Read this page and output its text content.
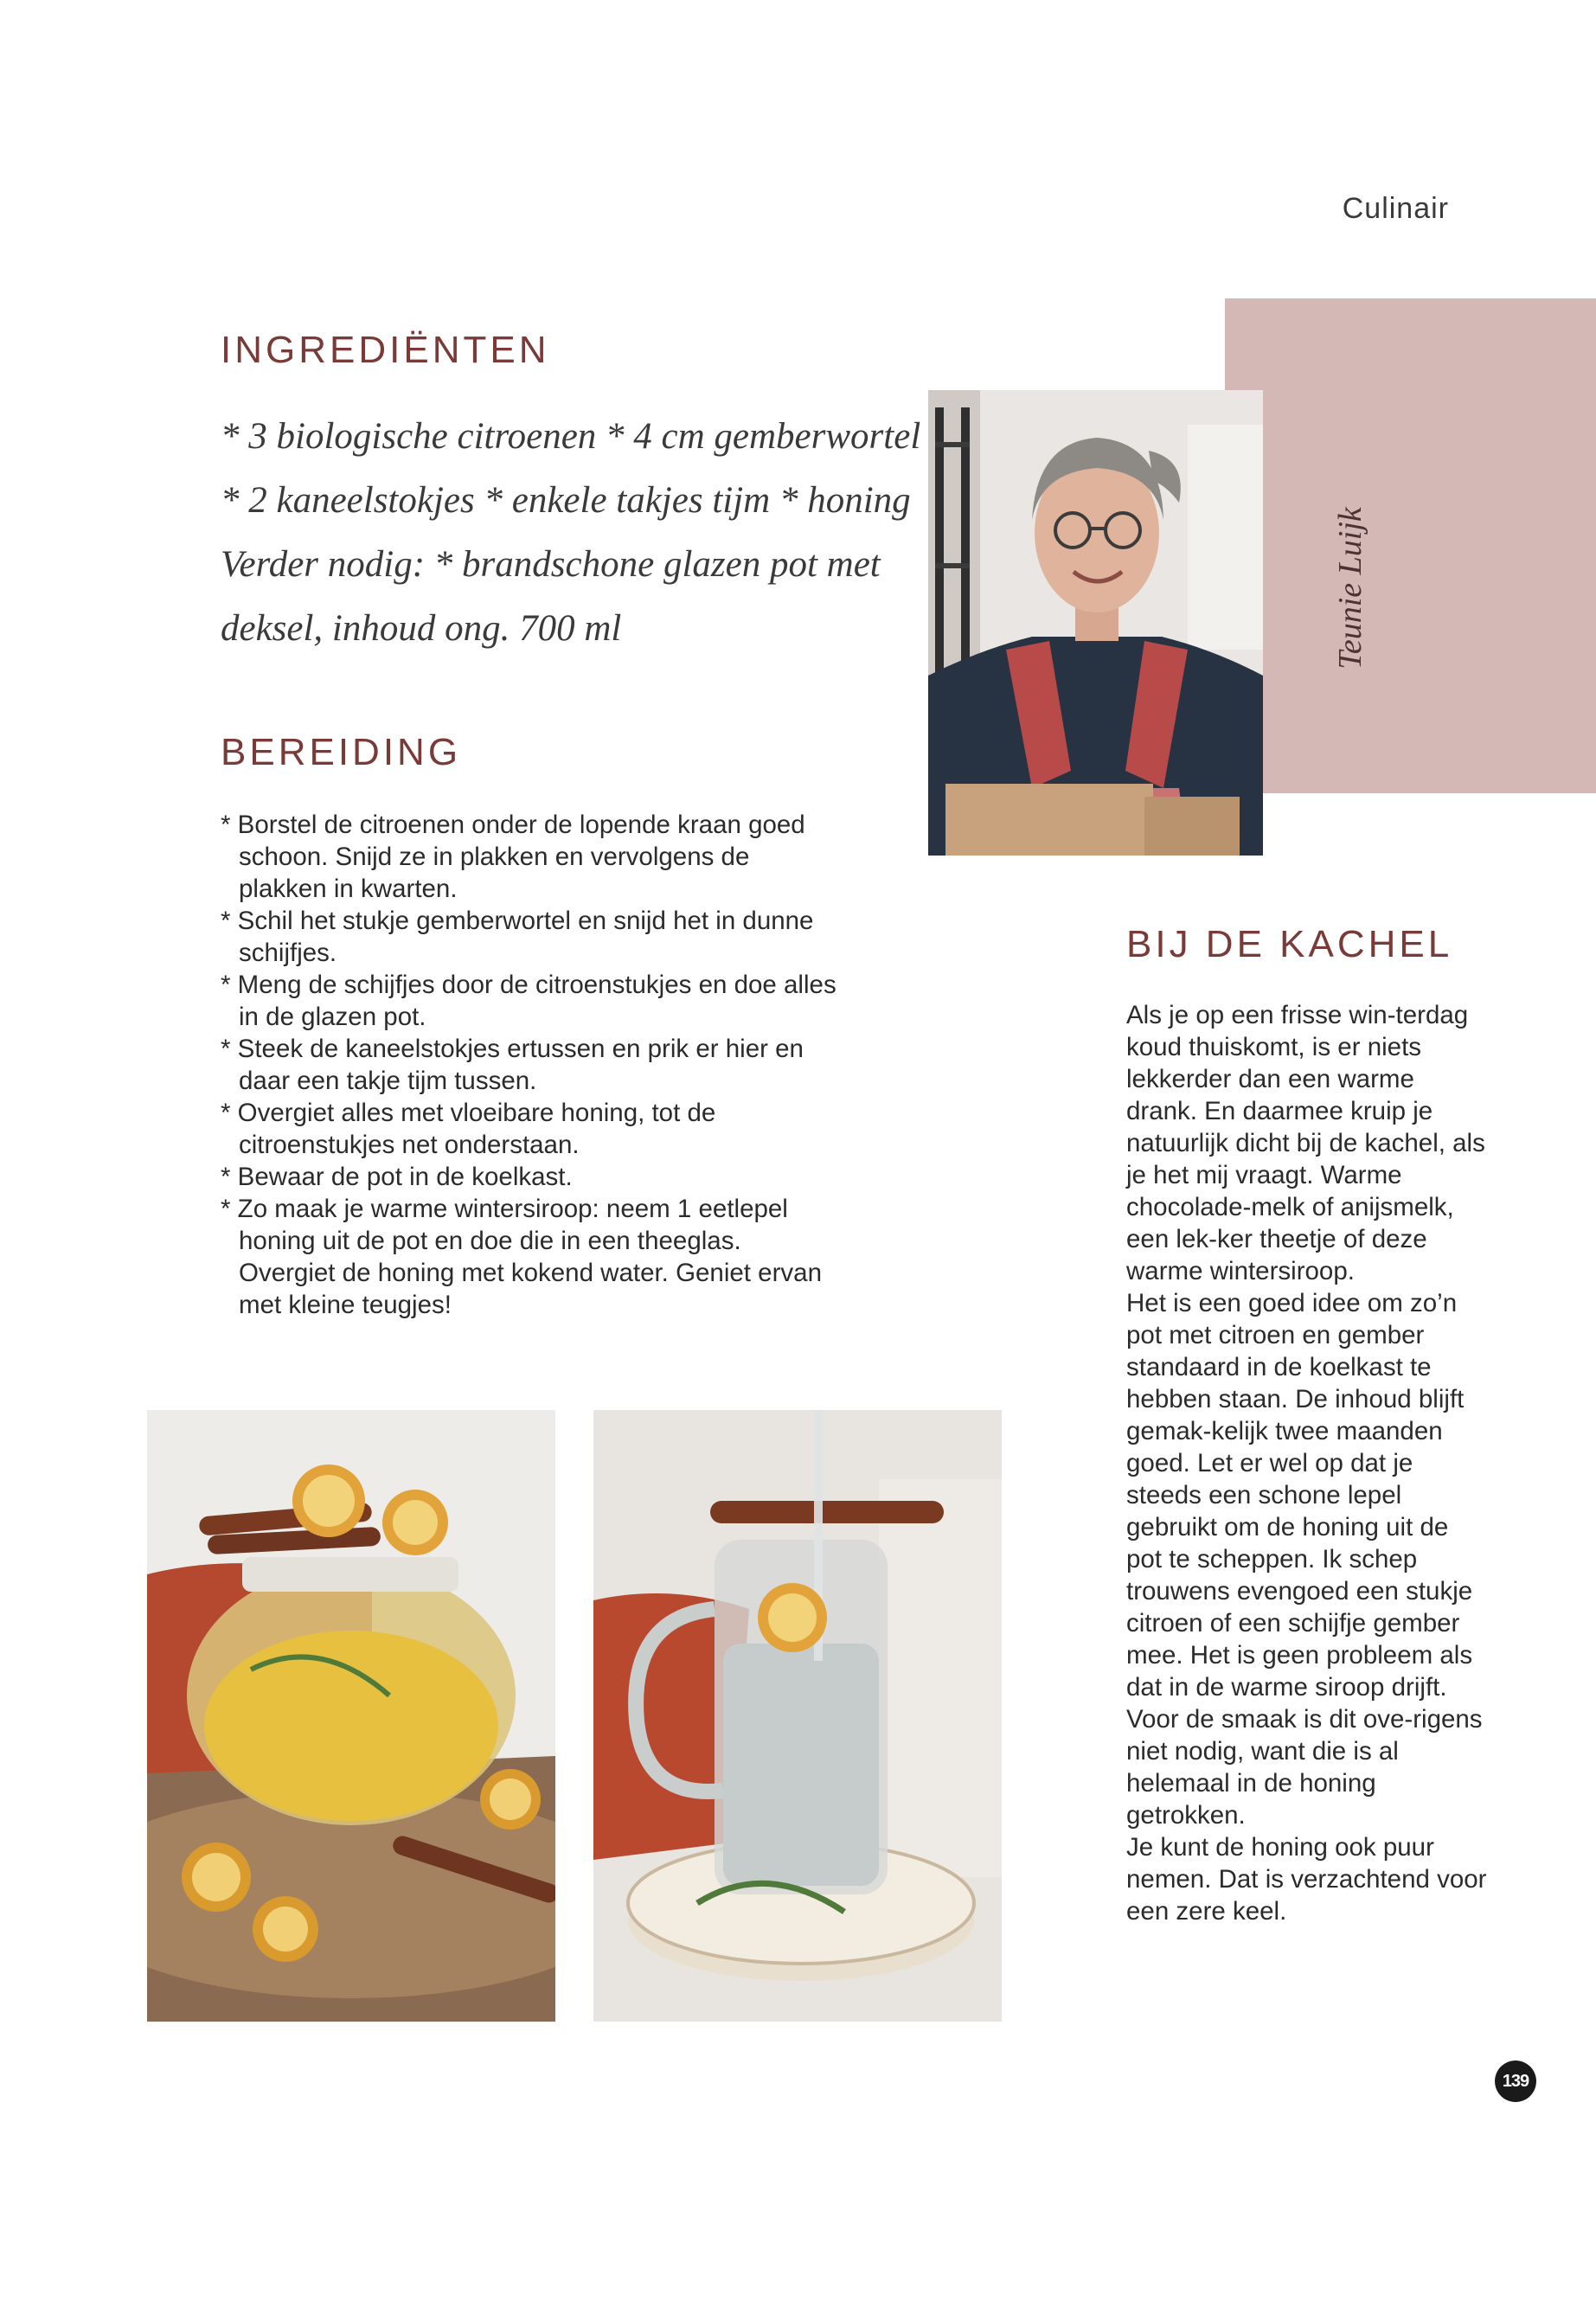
Culinair
INGREDIËNTEN
* 3 biologische citroenen * 4 cm gemberwortel
* 2 kaneelstokjes * enkele takjes tijm * honing
Verder nodig: * brandschone glazen pot met
deksel, inhoud ong. 700 ml
BEREIDING
* Borstel de citroenen onder de lopende kraan goed schoon. Snijd ze in plakken en vervolgens de plakken in kwarten.
* Schil het stukje gemberwortel en snijd het in dunne schijfjes.
* Meng de schijfjes door de citroenstukjes en doe alles in de glazen pot.
* Steek de kaneelstokjes ertussen en prik er hier en daar een takje tijm tussen.
* Overgiet alles met vloeibare honing, tot de citroenstukjes net onderstaan.
* Bewaar de pot in de koelkast.
* Zo maak je warme wintersiroop: neem 1 eetlepel honing uit de pot en doe die in een theeglas. Overgiet de honing met kokend water. Geniet ervan met kleine teugjes!
Teunie Luijk
BIJ DE KACHEL

Als je op een frisse win-terdag koud thuiskomt, is er niets lekkerder dan een warme drank. En daarmee kruip je natuurlijk dicht bij de kachel, als je het mij vraagt. Warme chocolade-melk of anijsmelk, een lek-ker theetje of deze warme wintersiroop.

Het is een goed idee om zo’n pot met citroen en gember standaard in de koelkast te hebben staan. De inhoud blijft gemak-kelijk twee maanden goed. Let er wel op dat je steeds een schone lepel gebruikt om de honing uit de pot te scheppen. Ik schep trouwens evengoed een stukje citroen of een schijfje gember mee. Het is geen probleem als dat in de warme siroop drijft. Voor de smaak is dit ove-rigens niet nodig, want die is al helemaal in de honing getrokken.

Je kunt de honing ook puur nemen. Dat is verzachtend voor een zere keel.

139
